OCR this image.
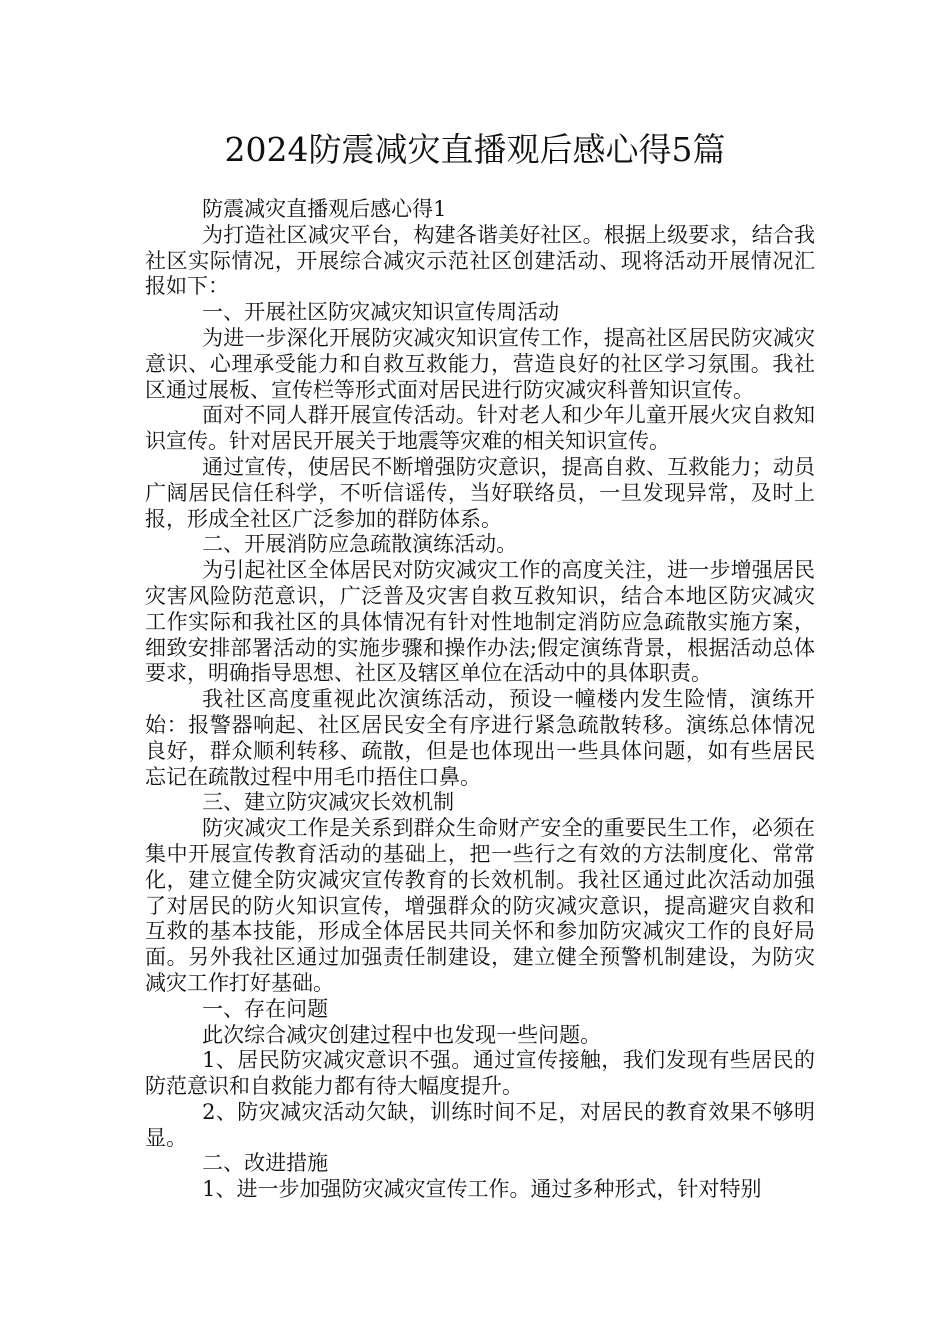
2024防震减灾直播观后感心得5篇

防震减灾直播观后感心得1

为打造社区减灾平台，构建各谐美好社区。根据上级要求，结合我社区实际情况，开展综合减灾示范社区创建活动、现将活动开展情况汇报如下：

一、开展社区防灾减灾知识宣传周活动

为进一步深化开展防灾减灾知识宣传工作，提高社区居民防灾减灾意识、心理承受能力和自救互救能力，营造良好的社区学习氛围。我社区通过展板、宣传栏等形式面对居民进行防灾减灾科普知识宣传。

面对不同人群开展宣传活动。针对老人和少年儿童开展火灾自救知识宣传。针对居民开展关于地震等灾难的相关知识宣传。

通过宣传，使居民不断增强防灾意识，提高自救、互救能力；动员广阔居民信任科学，不听信谣传，当好联络员，一旦发现异常，及时上报，形成全社区广泛参加的群防体系。

二、开展消防应急疏散演练活动。

为引起社区全体居民对防灾减灾工作的高度关注，进一步增强居民灾害风险防范意识，广泛普及灾害自救互救知识，结合本地区防灾减灾工作实际和我社区的具体情况有针对性地制定消防应急疏散实施方案，细致安排部署活动的实施步骤和操作办法;假定演练背景，根据活动总体要求，明确指导思想、社区及辖区单位在活动中的具体职责。

我社区高度重视此次演练活动，预设一幢楼内发生险情，演练开始：报警器响起、社区居民安全有序进行紧急疏散转移。演练总体情况良好，群众顺利转移、疏散，但是也体现出一些具体问题，如有些居民忘记在疏散过程中用毛巾捂住口鼻。

三、建立防灾减灾长效机制

防灾减灾工作是关系到群众生命财产安全的重要民生工作，必须在集中开展宣传教育活动的基础上，把一些行之有效的方法制度化、常常化，建立健全防灾减灾宣传教育的长效机制。我社区通过此次活动加强了对居民的防火知识宣传，增强群众的防灾减灾意识，提高避灾自救和互救的基本技能，形成全体居民共同关怀和参加防灾减灾工作的良好局面。另外我社区通过加强责任制建设，建立健全预警机制建设，为防灾减灾工作打好基础。

一、存在问题

此次综合减灾创建过程中也发现一些问题。

1、居民防灾减灾意识不强。通过宣传接触，我们发现有些居民的防范意识和自救能力都有待大幅度提升。

2、防灾减灾活动欠缺，训练时间不足，对居民的教育效果不够明显。

二、改进措施

1、进一步加强防灾减灾宣传工作。通过多种形式，针对特别
